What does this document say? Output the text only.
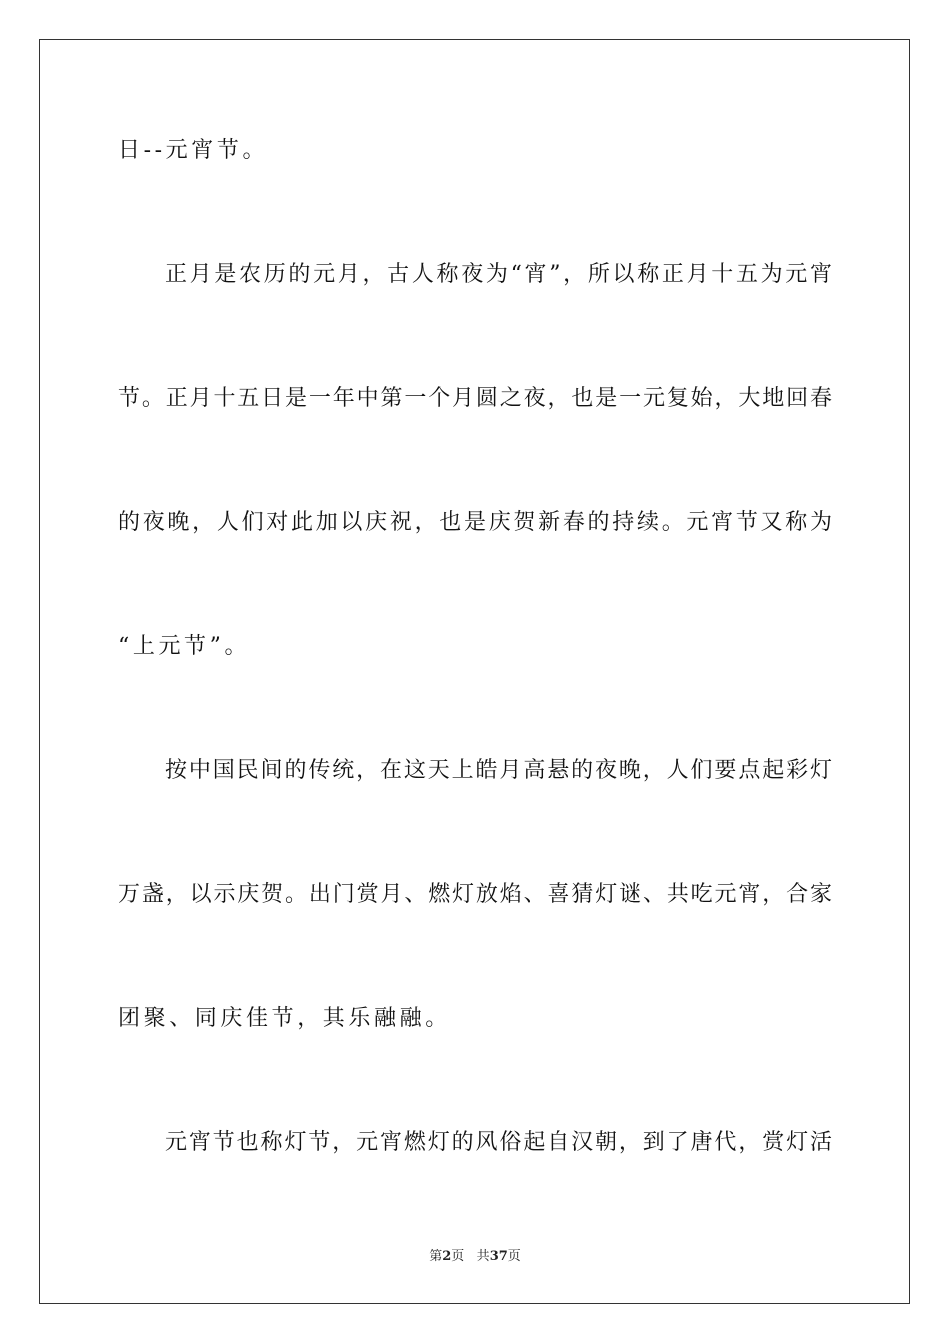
日--元宵节。
正月是农历的元月，古人称夜为“宵”，所以称正月十五为元宵
节。正月十五日是一年中第一个月圆之夜，也是一元复始，大地回春
的夜晚，人们对此加以庆祝，也是庆贺新春的持续。元宵节又称为
“上元节”。
按中国民间的传统，在这天上皓月高悬的夜晚，人们要点起彩灯
万盏，以示庆贺。出门赏月、燃灯放焰、喜猜灯谜、共吃元宵，合家
团聚、同庆佳节，其乐融融。
元宵节也称灯节，元宵燃灯的风俗起自汉朝，到了唐代，赏灯活
第2页 共37页
